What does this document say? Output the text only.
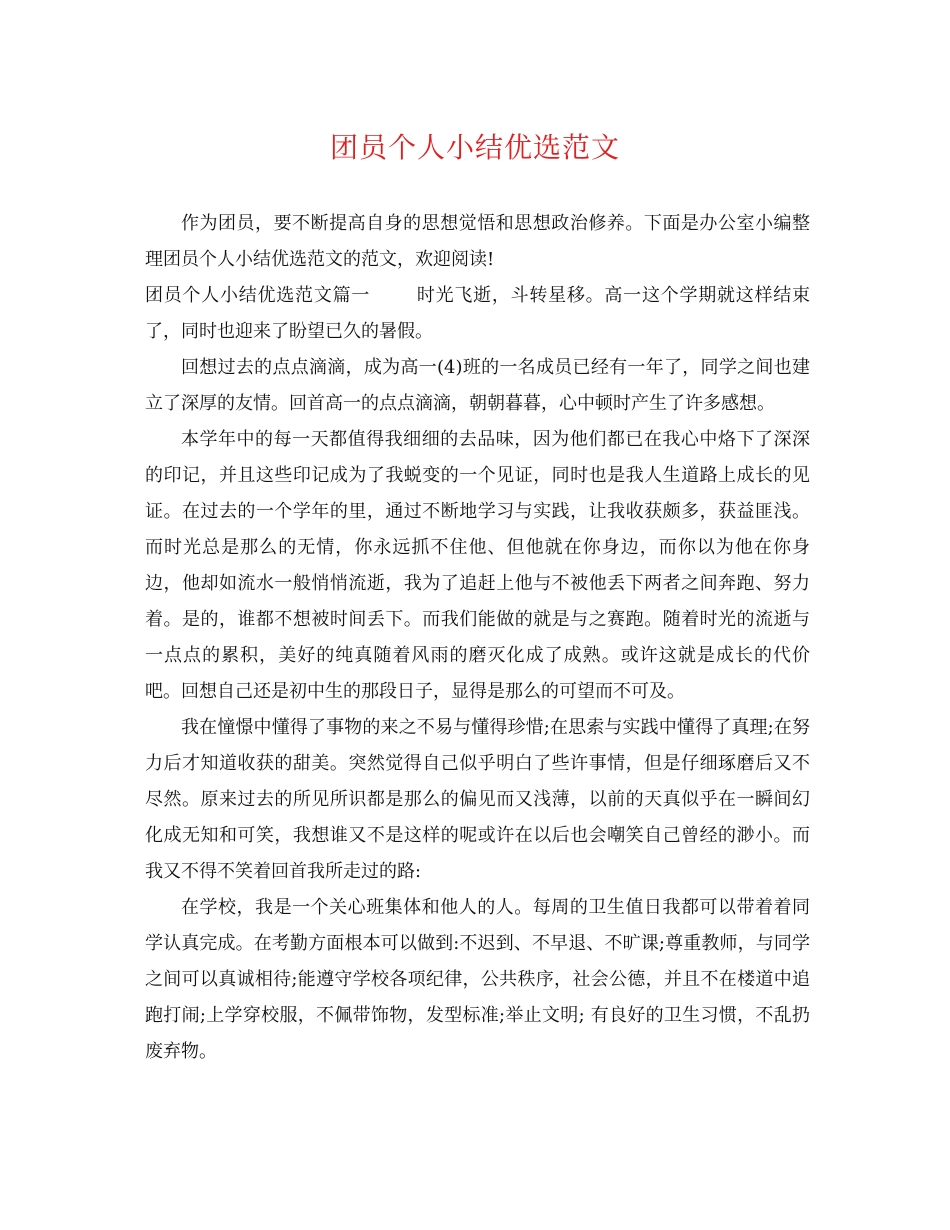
团员个人小结优选范文

作为团员，要不断提高自身的思想觉悟和思想政治修养。下面是办公室小编整理团员个人小结优选范文的范文，欢迎阅读!

团员个人小结优选范文篇一	时光飞逝，斗转星移。高一这个学期就这样结束了，同时也迎来了盼望已久的暑假。

回想过去的点点滴滴，成为高一(4)班的一名成员已经有一年了，同学之间也建立了深厚的友情。回首高一的点点滴滴，朝朝暮暮，心中顿时产生了许多感想。

本学年中的每一天都值得我细细的去品味，因为他们都已在我心中烙下了深深的印记，并且这些印记成为了我蜕变的一个见证，同时也是我人生道路上成长的见证。在过去的一个学年的里，通过不断地学习与实践，让我收获颇多，获益匪浅。而时光总是那么的无情，你永远抓不住他、但他就在你身边，而你以为他在你身边，他却如流水一般悄悄流逝，我为了追赶上他与不被他丢下两者之间奔跑、努力着。是的，谁都不想被时间丢下。而我们能做的就是与之赛跑。随着时光的流逝与一点点的累积，美好的纯真随着风雨的磨灭化成了成熟。或许这就是成长的代价吧。回想自己还是初中生的那段日子，显得是那么的可望而不可及。

我在憧憬中懂得了事物的来之不易与懂得珍惜;在思索与实践中懂得了真理;在努力后才知道收获的甜美。突然觉得自己似乎明白了些许事情，但是仔细琢磨后又不尽然。原来过去的所见所识都是那么的偏见而又浅薄，以前的天真似乎在一瞬间幻化成无知和可笑，我想谁又不是这样的呢或许在以后也会嘲笑自己曾经的渺小。而我又不得不笑着回首我所走过的路:

在学校，我是一个关心班集体和他人的人。每周的卫生值日我都可以带着着同学认真完成。在考勤方面根本可以做到:不迟到、不早退、不旷课;尊重教师，与同学之间可以真诚相待;能遵守学校各项纪律，公共秩序，社会公德，并且不在楼道中追跑打闹;上学穿校服，不佩带饰物，发型标准;举止文明; 有良好的卫生习惯，不乱扔废弃物。
